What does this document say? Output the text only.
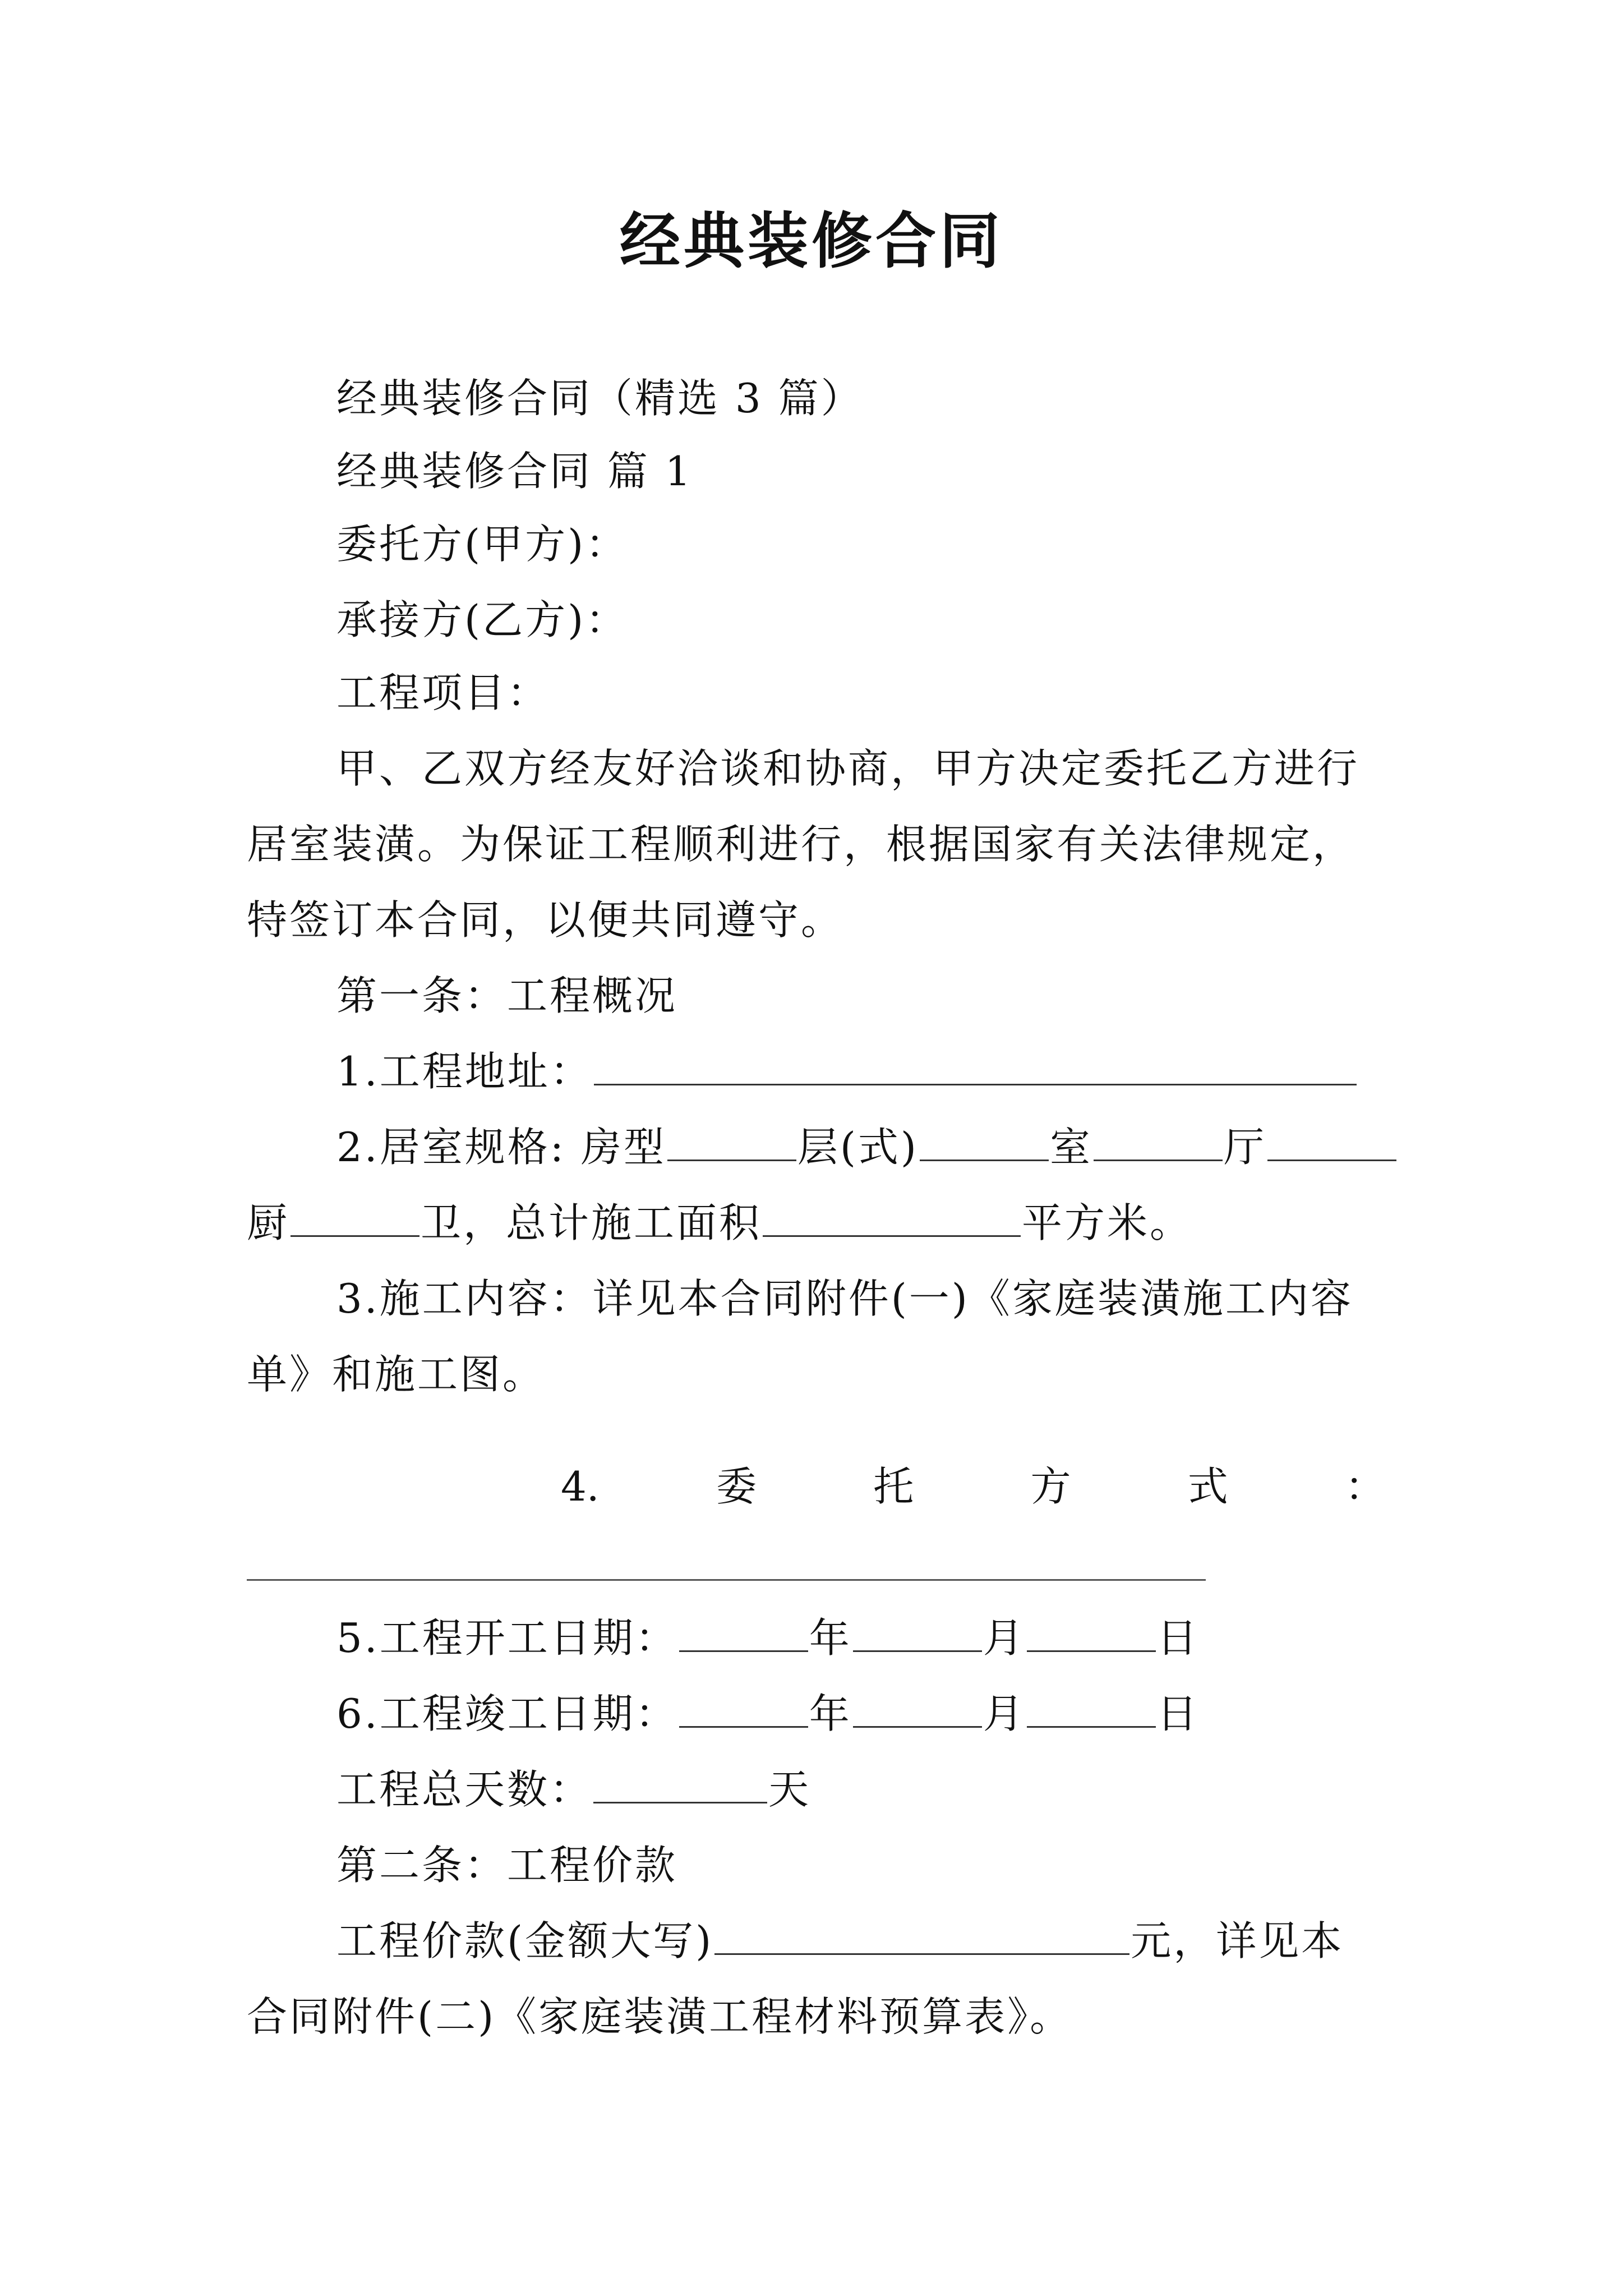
经典装修合同
经典装修合同（精选 3 篇）
经典装修合同 篇 1
委托方(甲方)：
承接方(乙方)：
工程项目：
甲、乙双方经友好洽谈和协商，甲方决定委托乙方进行
居室装潢。为保证工程顺利进行，根据国家有关法律规定，
特签订本合同，以便共同遵守。
第一条：工程概况
1.工程地址：
2.居室规格: 房型	层(式)	室	厅
厨	卫，总计施工面积	平方米。
3.施工内容：详见本合同附件(一)《家庭装潢施工内容
单》和施工图。
4.	委	托	方	式	：
5.工程开工日期：	年	月	日
6.工程竣工日期：	年	月	日
工程总天数：	天
第二条：工程价款
工程价款(金额大写)	元，详见本
合同附件(二)《家庭装潢工程材料预算表》。
